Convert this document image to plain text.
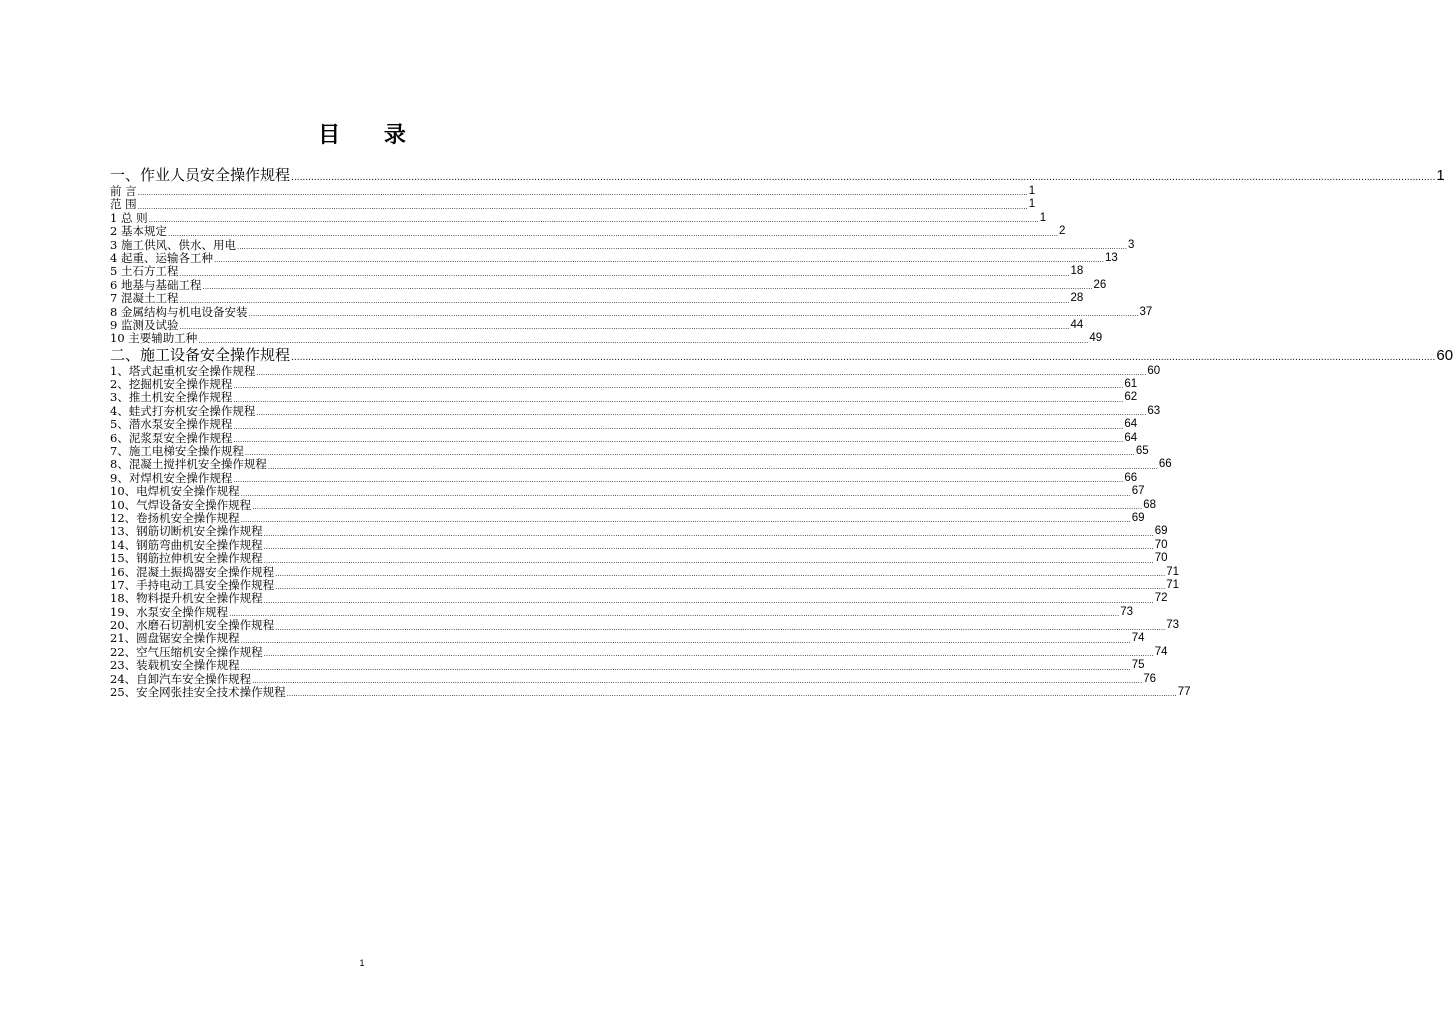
目 录
一、作业人员安全操作规程 ................................................................................................................................................................................................................................................................................................................................................................................................................ 1
前 言 ................................................................................................................................................................................................................................................................................................................................................................................................................ 1
范 围 ................................................................................................................................................................................................................................................................................................................................................................................................................ 1
1 总 则 ................................................................................................................................................................................................................................................................................................................................................................................................................ 1
2 基本规定 ................................................................................................................................................................................................................................................................................................................................................................................................................ 2
3 施工供风、供水、用电 ................................................................................................................................................................................................................................................................................................................................................................................................................ 3
4 起重、运输各工种 ................................................................................................................................................................................................................................................................................................................................................................................................................ 13
5 土石方工程 ................................................................................................................................................................................................................................................................................................................................................................................................................ 18
6 地基与基础工程 ................................................................................................................................................................................................................................................................................................................................................................................................................ 26
7 混凝土工程 ................................................................................................................................................................................................................................................................................................................................................................................................................ 28
8 金属结构与机电设备安装 ................................................................................................................................................................................................................................................................................................................................................................................................................ 37
9 监测及试验 ................................................................................................................................................................................................................................................................................................................................................................................................................ 44
10 主要辅助工种 ................................................................................................................................................................................................................................................................................................................................................................................................................ 49
二、施工设备安全操作规程 ................................................................................................................................................................................................................................................................................................................................................................................................................ 60
1、塔式起重机安全操作规程 ................................................................................................................................................................................................................................................................................................................................................................................................................ 60
2、挖掘机安全操作规程 ................................................................................................................................................................................................................................................................................................................................................................................................................ 61
3、推土机安全操作规程 ................................................................................................................................................................................................................................................................................................................................................................................................................ 62
4、蛙式打夯机安全操作规程 ................................................................................................................................................................................................................................................................................................................................................................................................................ 63
5、潜水泵安全操作规程 ................................................................................................................................................................................................................................................................................................................................................................................................................ 64
6、泥浆泵安全操作规程 ................................................................................................................................................................................................................................................................................................................................................................................................................ 64
7、施工电梯安全操作规程 ................................................................................................................................................................................................................................................................................................................................................................................................................ 65
8、混凝土搅拌机安全操作规程 ................................................................................................................................................................................................................................................................................................................................................................................................................ 66
9、对焊机安全操作规程 ................................................................................................................................................................................................................................................................................................................................................................................................................ 66
10、电焊机安全操作规程 ................................................................................................................................................................................................................................................................................................................................................................................................................ 67
10、气焊设备安全操作规程 ................................................................................................................................................................................................................................................................................................................................................................................................................ 68
12、卷扬机安全操作规程 ................................................................................................................................................................................................................................................................................................................................................................................................................ 69
13、钢筋切断机安全操作规程 ................................................................................................................................................................................................................................................................................................................................................................................................................ 69
14、钢筋弯曲机安全操作规程 ................................................................................................................................................................................................................................................................................................................................................................................................................ 70
15、钢筋拉伸机安全操作规程 ................................................................................................................................................................................................................................................................................................................................................................................................................ 70
16、混凝土振捣器安全操作规程 ................................................................................................................................................................................................................................................................................................................................................................................................................ 71
17、手持电动工具安全操作规程 ................................................................................................................................................................................................................................................................................................................................................................................................................ 71
18、物料提升机安全操作规程 ................................................................................................................................................................................................................................................................................................................................................................................................................ 72
19、水泵安全操作规程 ................................................................................................................................................................................................................................................................................................................................................................................................................ 73
20、水磨石切割机安全操作规程 ................................................................................................................................................................................................................................................................................................................................................................................................................ 73
21、圆盘锯安全操作规程 ................................................................................................................................................................................................................................................................................................................................................................................................................ 74
22、空气压缩机安全操作规程 ................................................................................................................................................................................................................................................................................................................................................................................................................ 74
23、装载机安全操作规程 ................................................................................................................................................................................................................................................................................................................................................................................................................ 75
24、自卸汽车安全操作规程 ................................................................................................................................................................................................................................................................................................................................................................................................................ 76
25、安全网张挂安全技术操作规程 ................................................................................................................................................................................................................................................................................................................................................................................................................ 77
1
